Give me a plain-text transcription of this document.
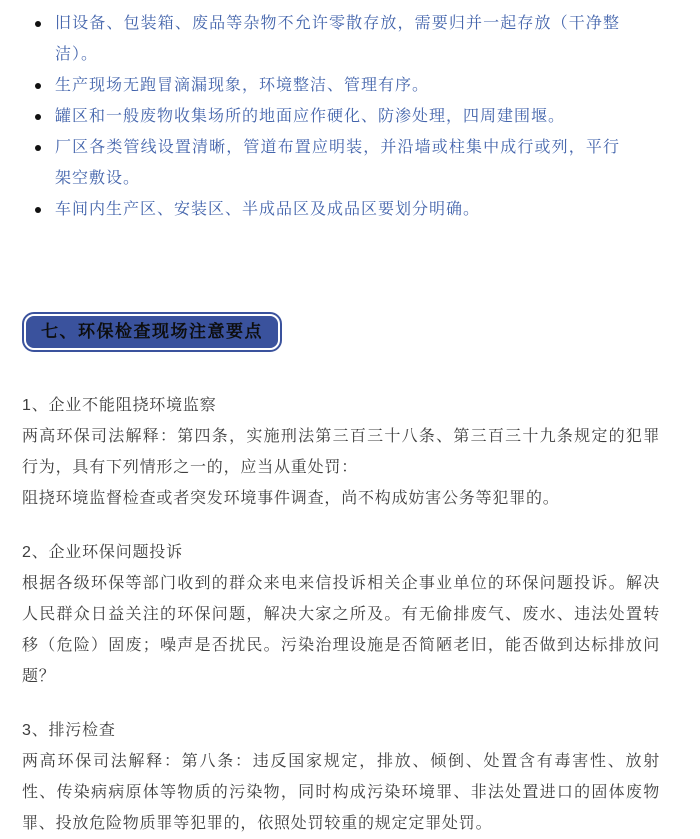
旧设备、包装箱、废品等杂物不允许零散存放，需要归并一起存放（干净整洁）。
生产现场无跑冒滴漏现象，环境整洁、管理有序。
罐区和一般废物收集场所的地面应作硬化、防渗处理，四周建围堰。
厂区各类管线设置清晰，管道布置应明装，并沿墙或柱集中成行或列，平行架空敷设。
车间内生产区、安装区、半成品区及成品区要划分明确。
七、环保检查现场注意要点

1、企业不能阻挠环境监察

两高环保司法解释：第四条，实施刑法第三百三十八条、第三百三十九条规定的犯罪行为，具有下列情形之一的，应当从重处罚：

阻挠环境监督检查或者突发环境事件调查，尚不构成妨害公务等犯罪的。

2、企业环保问题投诉

根据各级环保等部门收到的群众来电来信投诉相关企事业单位的环保问题投诉。解决人民群众日益关注的环保问题，解决大家之所及。有无偷排废气、废水、违法处置转移（危险）固废；噪声是否扰民。污染治理设施是否简陋老旧，能否做到达标排放问题？

3、排污检查

两高环保司法解释：第八条：违反国家规定，排放、倾倒、处置含有毒害性、放射性、传染病病原体等物质的污染物，同时构成污染环境罪、非法处置进口的固体废物罪、投放危险物质罪等犯罪的，依照处罚较重的规定定罪处罚。
